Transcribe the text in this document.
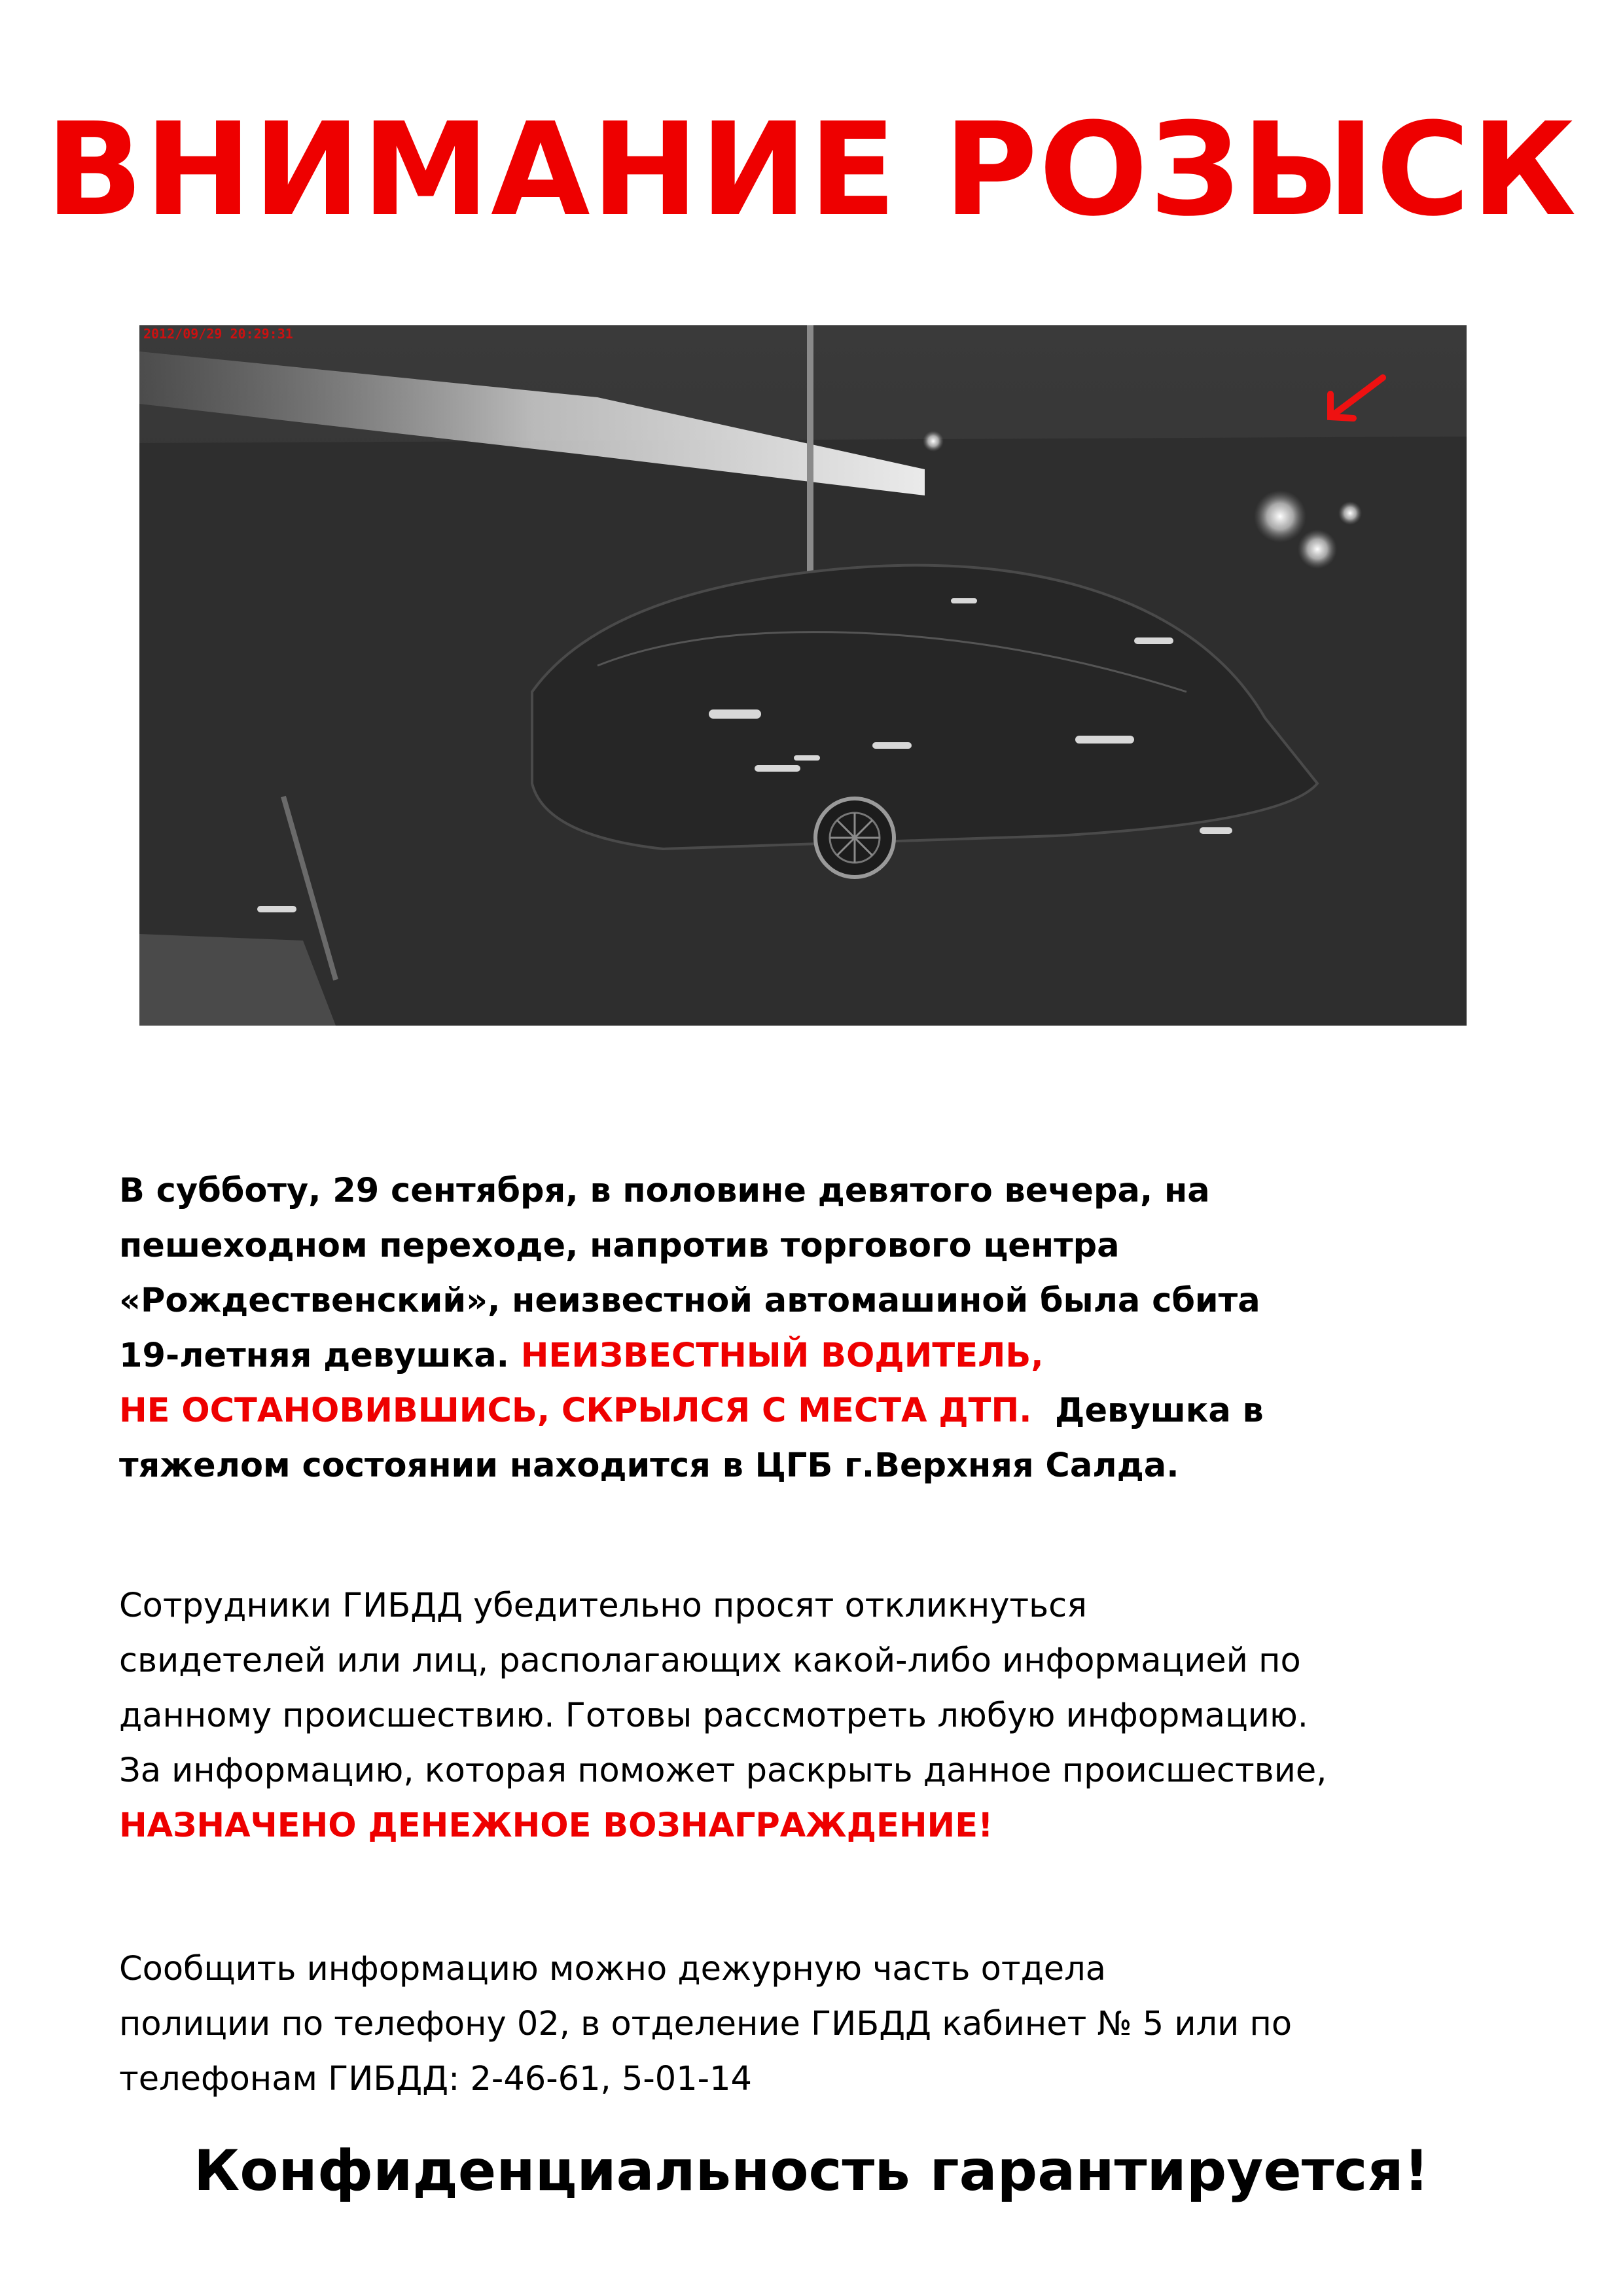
ВНИМАНИЕ РОЗЫСК
2012/09/29 20:29:31
В субботу, 29 сентября, в половине девятого вечера, на
пешеходном переходе, напротив торгового центра
«Рождественский», неизвестной автомашиной была сбита
19-летняя девушка. НЕИЗВЕСТНЫЙ ВОДИТЕЛЬ,
НЕ ОСТАНОВИВШИСЬ, СКРЫЛСЯ С МЕСТА ДТП.  Девушка в
тяжелом состоянии находится в ЦГБ г.Верхняя Салда.
Сотрудники ГИБДД убедительно просят откликнуться
свидетелей или лиц, располагающих какой-либо информацией по
данному происшествию. Готовы рассмотреть любую информацию.
За информацию, которая поможет раскрыть данное происшествие,
НАЗНАЧЕНО ДЕНЕЖНОЕ ВОЗНАГРАЖДЕНИЕ!
Сообщить информацию можно дежурную часть отдела
полиции по телефону 02, в отделение ГИБДД кабинет № 5 или по
телефонам ГИБДД: 2-46-61, 5-01-14
Конфиденциальность гарантируется!
